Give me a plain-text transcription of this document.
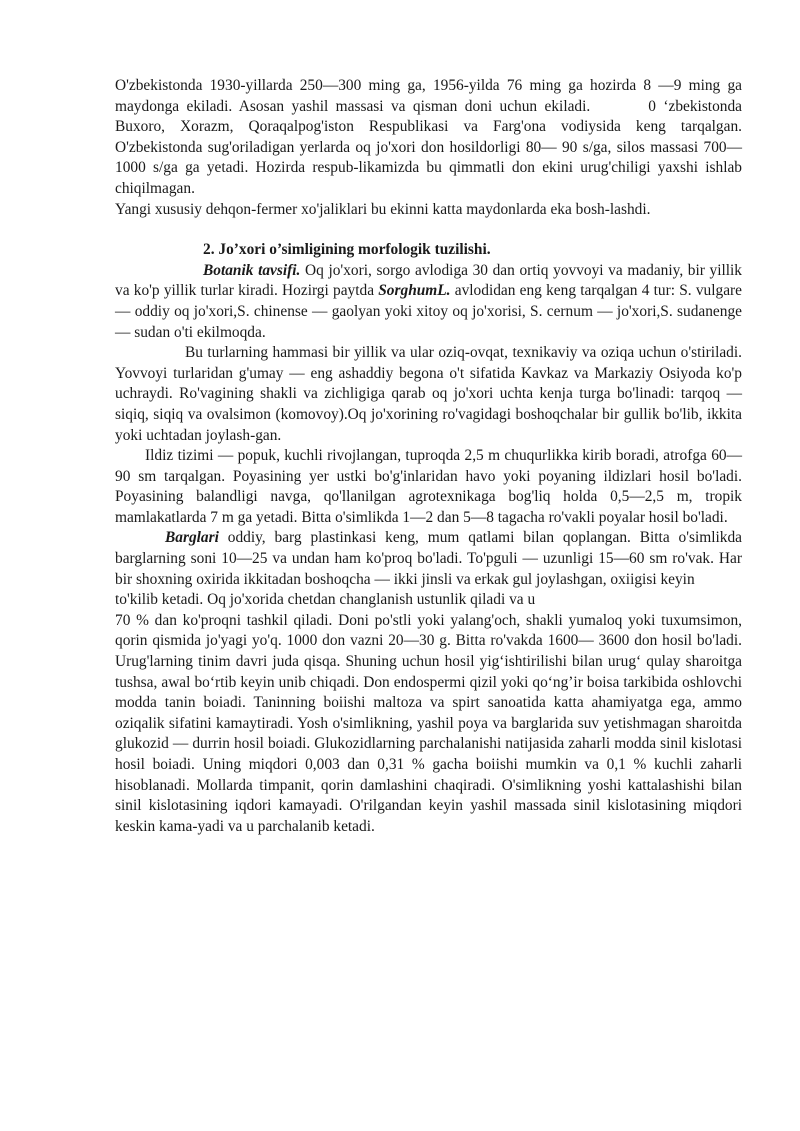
O'zbekistonda 1930-yillarda 250—300 ming ga, 1956-yilda 76 ming ga hozirda 8 —9 ming ga maydonga ekiladi. Asosan yashil massasi va qisman doni uchun ekiladi.	0 ‘zbekistonda Buxoro, Xorazm, Qoraqalpog'iston Respublikasi va Farg'ona vodiysida keng tarqalgan. O'zbekistonda sug'oriladigan yerlarda oq jo'xori don hosildorligi 80— 90 s/ga, silos massasi 700—1000 s/ga ga yetadi. Hozirda respub-likamizda bu qimmatli don ekini urug'chiligi yaxshi ishlab chiqilmagan.

Yangi xususiy dehqon-fermer xo'jaliklari bu ekinni katta maydonlarda eka bosh-lashdi.

2. Jo’xori o’simligining morfologik tuzilishi.

Botanik tavsifi. Oq jo'xori, sorgo avlodiga 30 dan ortiq yovvoyi va madaniy, bir yillik va ko'p yillik turlar kiradi. Hozirgi paytda SorghumL. avlodidan eng keng tarqalgan 4 tur: S. vulgare — oddiy oq jo'xori,S. chinense — gaolyan yoki xitoy oq jo'xorisi, S. cernum — jo'xori,S. sudanenge — sudan o'ti ekilmoqda.

Bu turlarning hammasi bir yillik va ular oziq-ovqat, texnikaviy va oziqa uchun o'stiriladi. Yovvoyi turlaridan g'umay — eng ashaddiy begona o't sifatida Kavkaz va Markaziy Osiyoda ko'p uchraydi. Ro'vagining shakli va zichligiga qarab oq jo'xori uchta kenja turga bo'linadi: tarqoq — siqiq, siqiq va ovalsimon (komovoy).Oq jo'xorining ro'vagidagi boshoqchalar bir gullik bo'lib, ikkita yoki uchtadan joylash-gan.

Ildiz tizimi — popuk, kuchli rivojlangan, tuproqda 2,5 m chuqurlikka kirib boradi, atrofga 60—90 sm tarqalgan. Poyasining yer ustki bo'g'inlaridan havo yoki poyaning ildizlari hosil bo'ladi. Poyasining balandligi navga, qo'llanilgan agrotexnikaga bog'liq holda 0,5—2,5 m, tropik mamlakatlarda 7 m ga yetadi. Bitta o'simlikda 1—2 dan 5—8 tagacha ro'vakli poyalar hosil bo'ladi.

Barglari oddiy, barg plastinkasi keng, mum qatlami bilan qoplangan. Bitta o'simlikda barglarning soni 10—25 va undan ham ko'proq bo'ladi. To'pguli — uzunligi 15—60 sm ro'vak. Har bir shoxning oxirida ikkitadan boshoqcha — ikki jinsli va erkak gul joylashgan, oxiigisi keyin

to'kilib ketadi. Oq jo'xorida chetdan changlanish ustunlik qiladi va u

70 % dan ko'proqni tashkil qiladi. Doni po'stli yoki yalang'och, shakli yumaloq yoki tuxumsimon, qorin qismida jo'yagi yo'q. 1000 don vazni 20—30 g. Bitta ro'vakda 1600— 3600 don hosil bo'ladi. Urug'larning tinim davri juda qisqa. Shuning uchun hosil yig‘ishtirilishi bilan urug‘ qulay sharoitga tushsa, awal bo‘rtib keyin unib chiqadi. Don endospermi qizil yoki qo‘ng’ir boisa tarkibida oshlovchi modda tanin boiadi. Taninning boiishi maltoza va spirt sanoatida katta ahamiyatga ega, ammo oziqalik sifatini kamaytiradi. Yosh o'simlikning, yashil poya va barglarida suv yetishmagan sharoitda glukozid — durrin hosil boiadi. Glukozidlarning parchalanishi natijasida zaharli modda sinil kislotasi hosil boiadi. Uning miqdori 0,003 dan 0,31 % gacha boiishi mumkin va 0,1 % kuchli zaharli hisoblanadi. Mollarda timpanit, qorin damlashini chaqiradi. O'simlikning yoshi kattalashishi bilan sinil kislotasining iqdori kamayadi. O'rilgandan keyin yashil massada sinil kislotasining miqdori keskin kama-yadi va u parchalanib ketadi.
